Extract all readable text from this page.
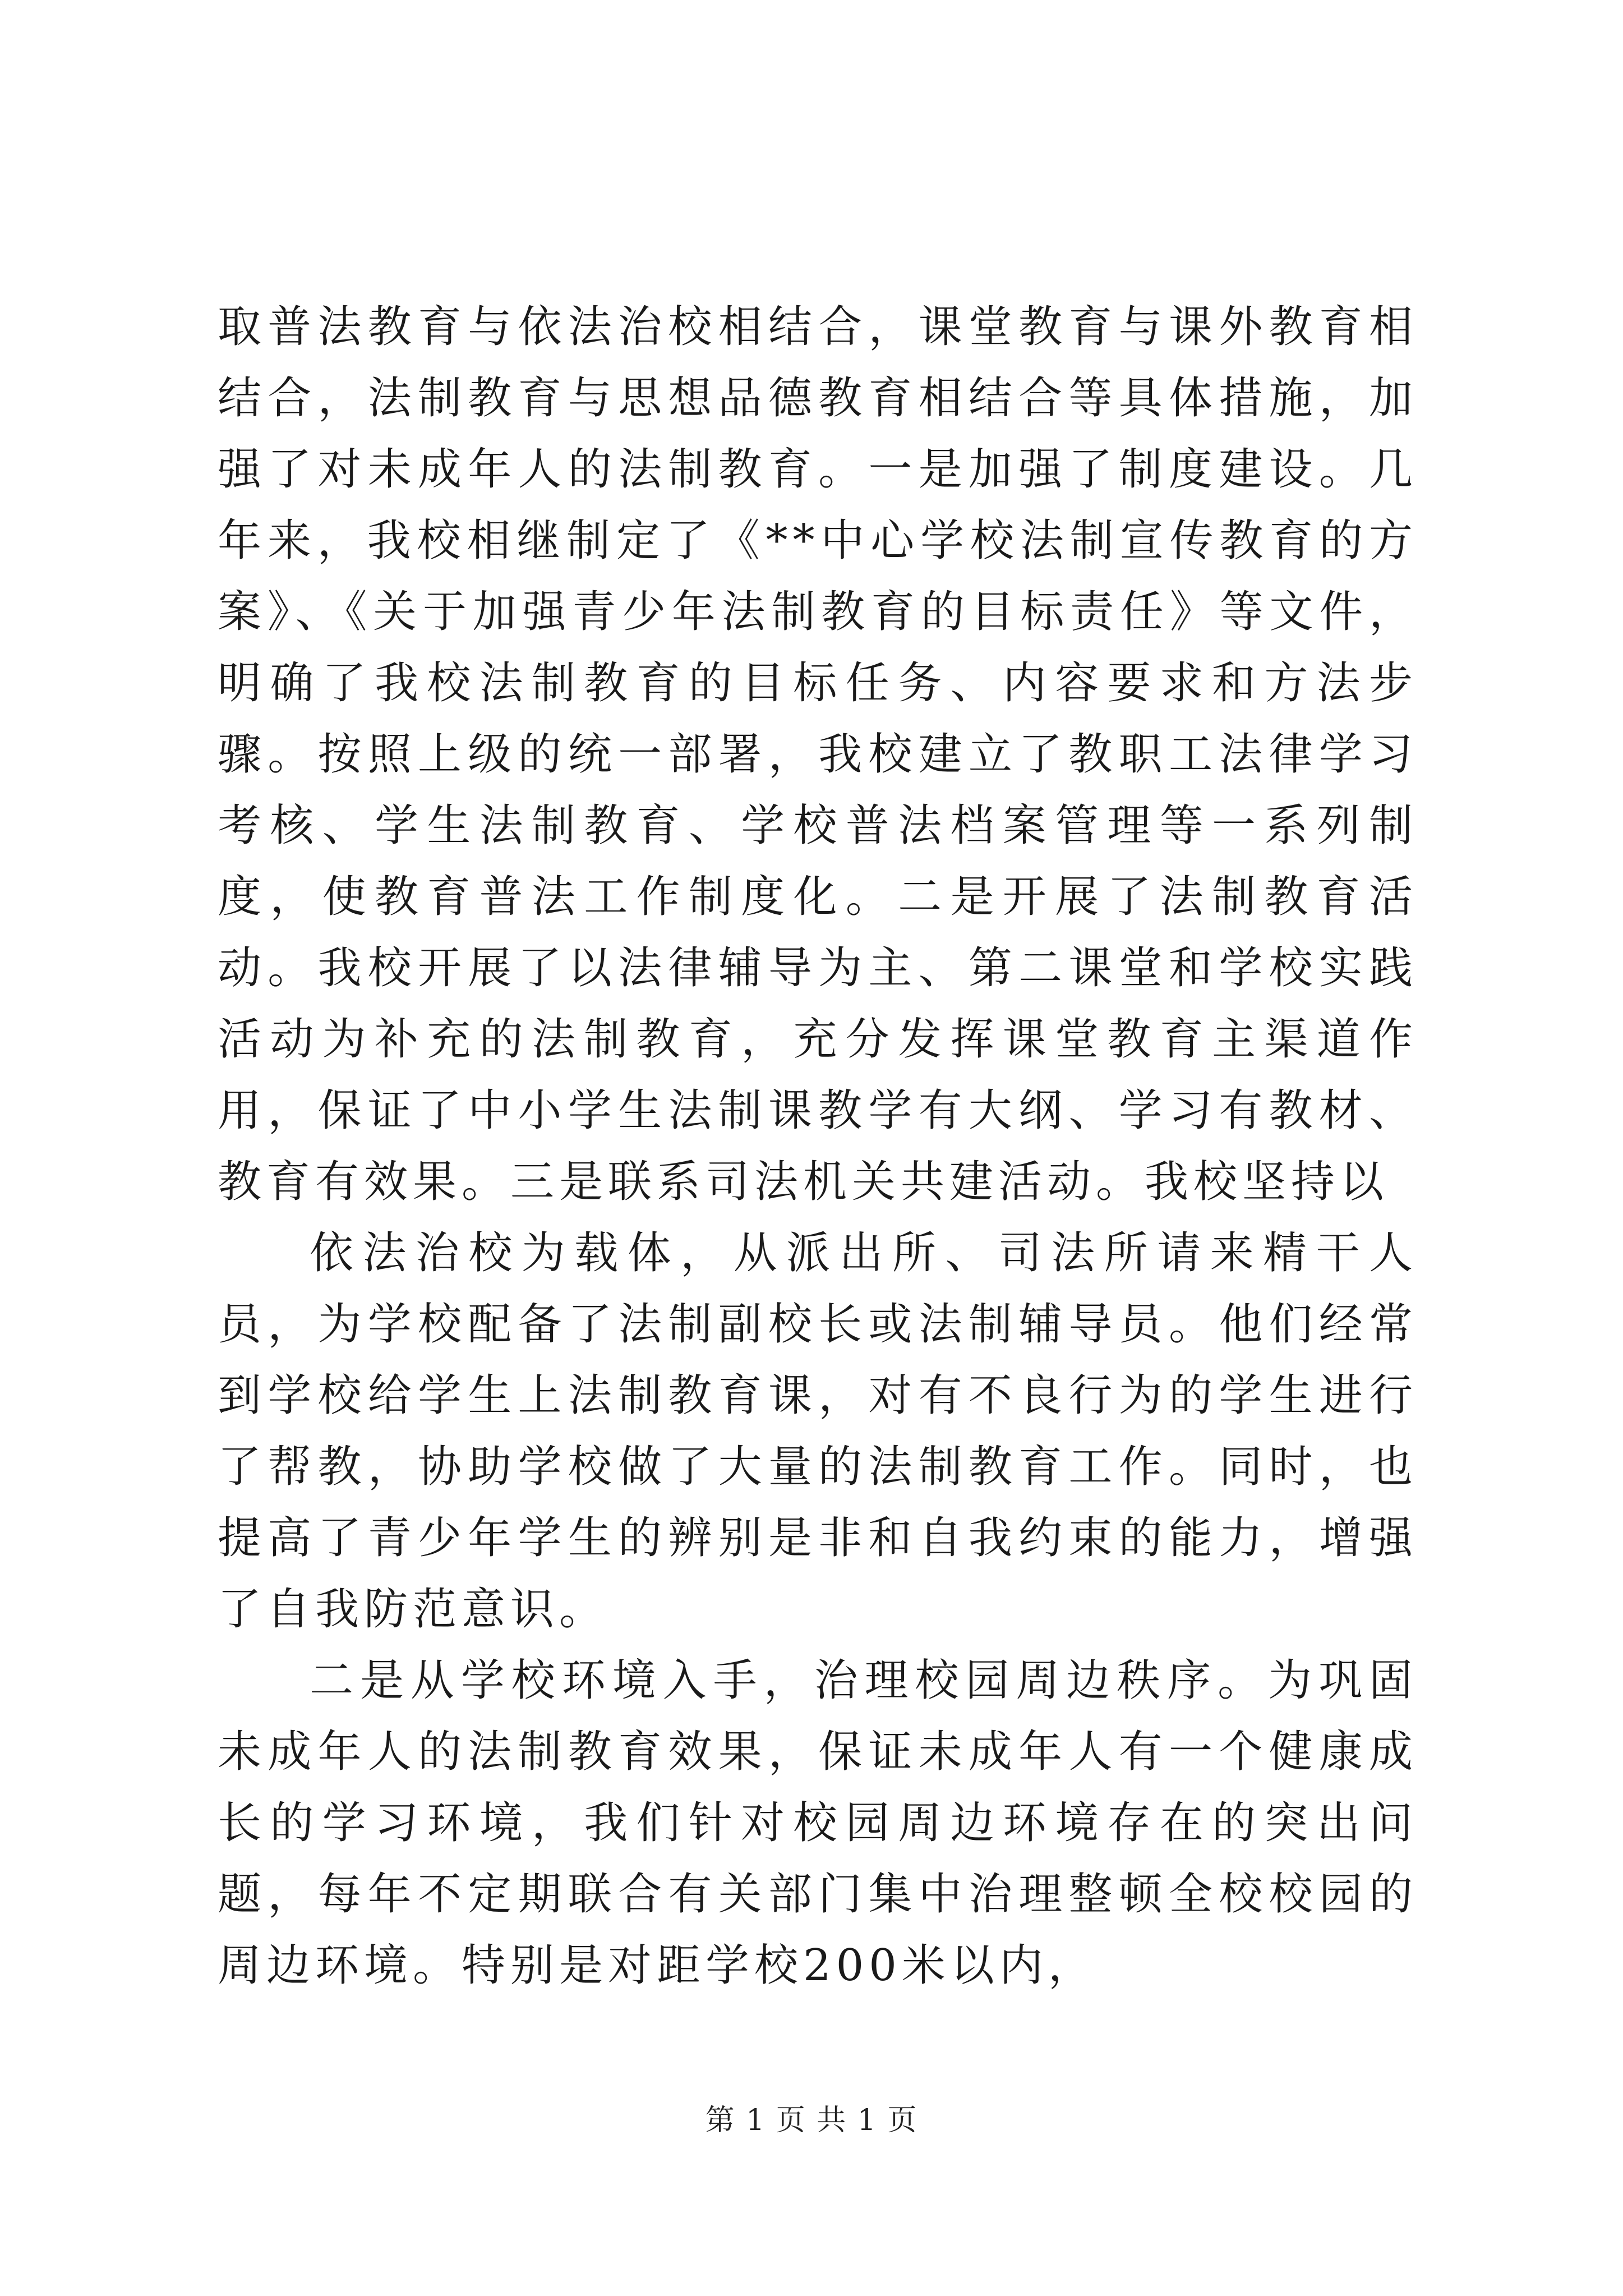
取普法教育与依法治校相结合，课堂教育与课外教育相结合，法制教育与思想品德教育相结合等具体措施，加强了对未成年人的法制教育。一是加强了制度建设。几年来，我校相继制定了《**中心学校法制宣传教育的方案》、《关于加强青少年法制教育的目标责任》等文件，明确了我校法制教育的目标任务、内容要求和方法步骤。按照上级的统一部署，我校建立了教职工法律学习考核、学生法制教育、学校普法档案管理等一系列制度，使教育普法工作制度化。二是开展了法制教育活动。我校开展了以法律辅导为主、第二课堂和学校实践活动为补充的法制教育，充分发挥课堂教育主渠道作用，保证了中小学生法制课教学有大纲、学习有教材、教育有效果。三是联系司法机关共建活动。我校坚持以

依法治校为载体，从派出所、司法所请来精干人员，为学校配备了法制副校长或法制辅导员。他们经常到学校给学生上法制教育课，对有不良行为的学生进行了帮教，协助学校做了大量的法制教育工作。同时，也提高了青少年学生的辨别是非和自我约束的能力，增强了自我防范意识。

二是从学校环境入手，治理校园周边秩序。为巩固未成年人的法制教育效果，保证未成年人有一个健康成长的学习环境，我们针对校园周边环境存在的突出问题，每年不定期联合有关部门集中治理整顿全校校园的周边环境。特别是对距学校200米以内，

第 1 页 共 1 页
